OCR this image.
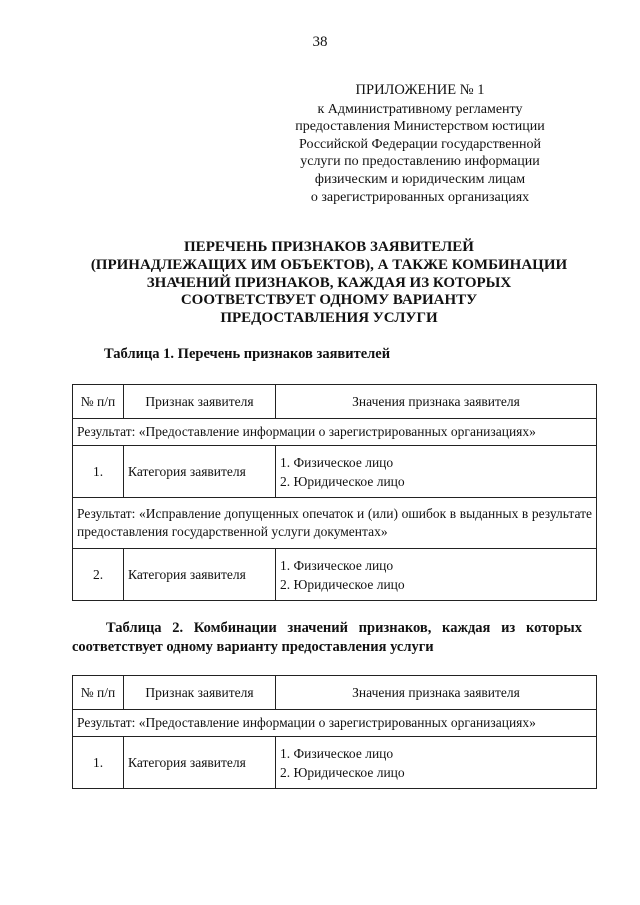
38
ПРИЛОЖЕНИЕ № 1
к Административному регламенту
предоставления Министерством юстиции
Российской Федерации государственной
услуги по предоставлению информации
физическим и юридическим лицам
о зарегистрированных организациях
ПЕРЕЧЕНЬ ПРИЗНАКОВ ЗАЯВИТЕЛЕЙ
(ПРИНАДЛЕЖАЩИХ ИМ ОБЪЕКТОВ), А ТАКЖЕ КОМБИНАЦИИ
ЗНАЧЕНИЙ ПРИЗНАКОВ, КАЖДАЯ ИЗ КОТОРЫХ
СООТВЕТСТВУЕТ ОДНОМУ ВАРИАНТУ
ПРЕДОСТАВЛЕНИЯ УСЛУГИ
Таблица 1. Перечень признаков заявителей
№ п/п	Признак заявителя	Значения признака заявителя
Результат: «Предоставление информации о зарегистрированных организациях»		
1.	Категория заявителя	1. Физическое лицо
2. Юридическое лицо

Результат: «Исправление допущенных опечаток и (или) ошибок в выданных в результате предоставления государственной услуги документах»		
2.	Категория заявителя	1. Физическое лицо
2. Юридическое лицо
Таблица 2. Комбинации значений признаков, каждая из которых соответствует одному варианту предоставления услуги
№ п/п	Признак заявителя	Значения признака заявителя
Результат: «Предоставление информации о зарегистрированных организациях»		
1.	Категория заявителя	1. Физическое лицо
2. Юридическое лицо
